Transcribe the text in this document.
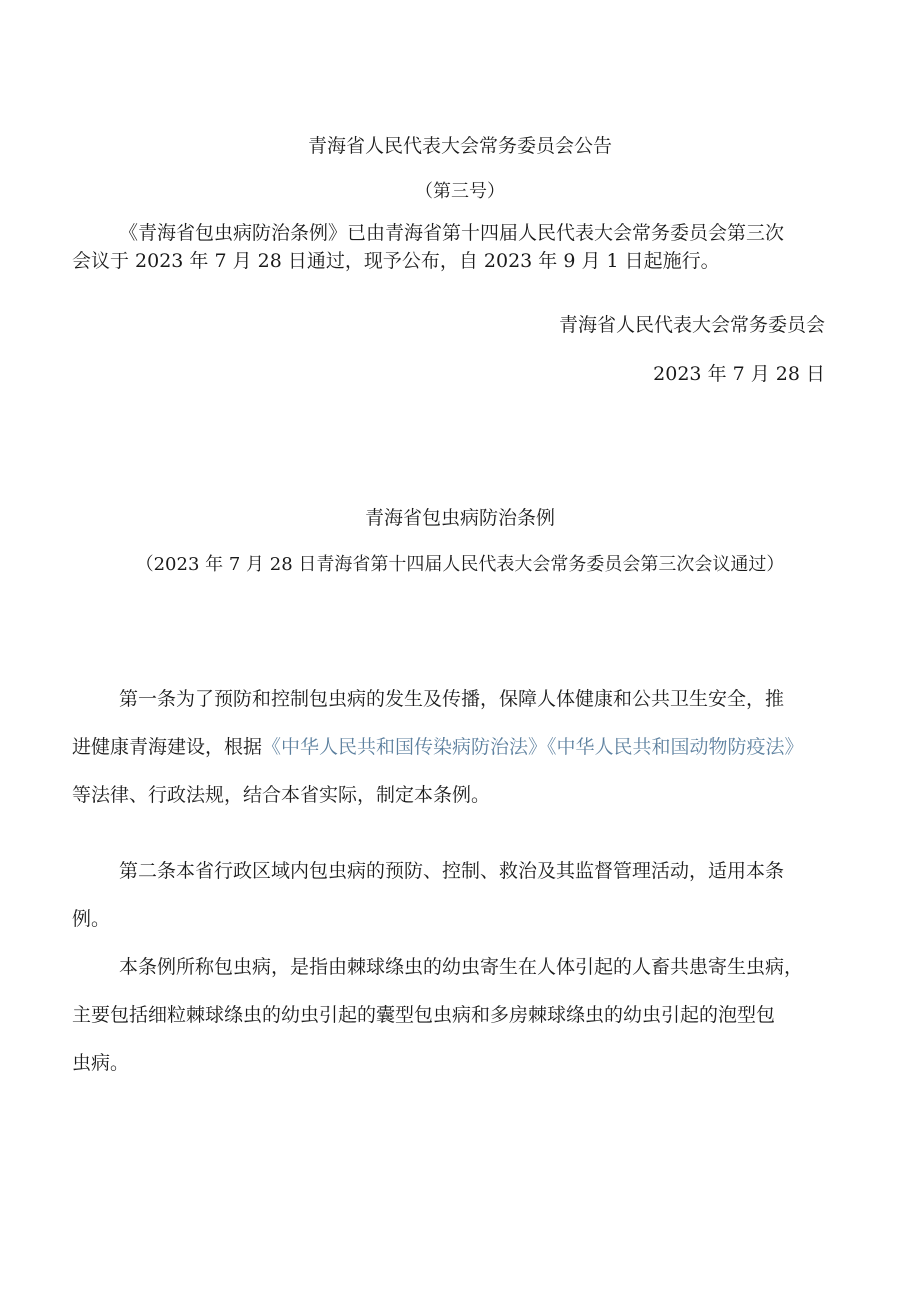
青海省人民代表大会常务委员会公告
（第三号）
《青海省包虫病防治条例》已由青海省第十四届人民代表大会常务委员会第三次
会议于 2023 年 7 月 28 日通过，现予公布，自 2023 年 9 月 1 日起施行。
青海省人民代表大会常务委员会
2023 年 7 月 28 日
青海省包虫病防治条例
（2023 年 7 月 28 日青海省第十四届人民代表大会常务委员会第三次会议通过）
第一条为了预防和控制包虫病的发生及传播，保障人体健康和公共卫生安全，推
进健康青海建设，根据《中华人民共和国传染病防治法》《中华人民共和国动物防疫法》
等法律、行政法规，结合本省实际，制定本条例。
第二条本省行政区域内包虫病的预防、控制、救治及其监督管理活动，适用本条
例。
本条例所称包虫病，是指由棘球绦虫的幼虫寄生在人体引起的人畜共患寄生虫病，
主要包括细粒棘球绦虫的幼虫引起的囊型包虫病和多房棘球绦虫的幼虫引起的泡型包
虫病。
